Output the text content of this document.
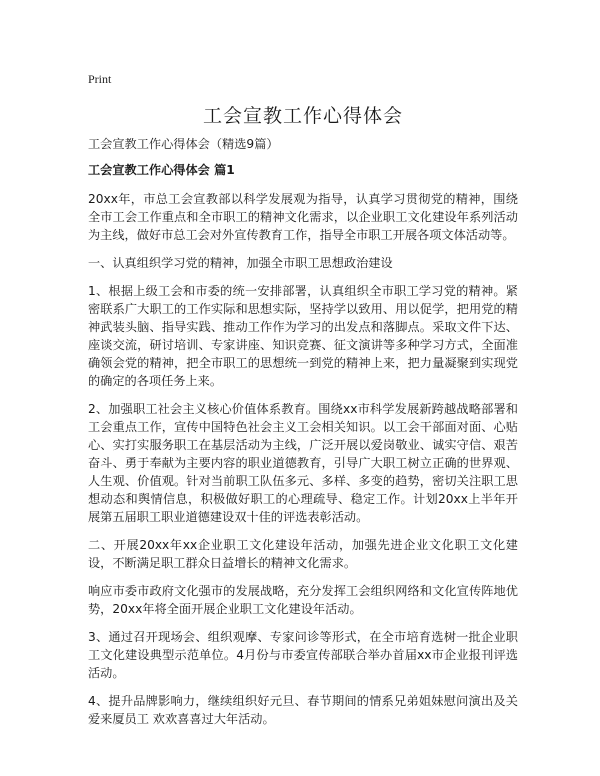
Print
工会宣教工作心得体会

工会宣教工作心得体会（精选9篇）

工会宣教工作心得体会 篇1

20xx年，市总工会宣教部以科学发展观为指导，认真学习贯彻党的精神，围绕全市工会工作重点和全市职工的精神文化需求，以企业职工文化建设年系列活动为主线，做好市总工会对外宣传教育工作，指导全市职工开展各项文体活动等。

一、认真组织学习党的精神，加强全市职工思想政治建设

1、根据上级工会和市委的统一安排部署，认真组织全市职工学习党的精神。紧密联系广大职工的工作实际和思想实际，坚持学以致用、用以促学，把用党的精神武装头脑、指导实践、推动工作作为学习的出发点和落脚点。采取文件下达、座谈交流，研讨培训、专家讲座、知识竞赛、征文演讲等多种学习方式，全面准确领会党的精神，把全市职工的思想统一到党的精神上来，把力量凝聚到实现党的确定的各项任务上来。

2、加强职工社会主义核心价值体系教育。围绕xx市科学发展新跨越战略部署和工会重点工作，宣传中国特色社会主义工会相关知识。以工会干部面对面、心贴心、实打实服务职工在基层活动为主线，广泛开展以爱岗敬业、诚实守信、艰苦奋斗、勇于奉献为主要内容的职业道德教育，引导广大职工树立正确的世界观、人生观、价值观。针对当前职工队伍多元、多样、多变的趋势，密切关注职工思想动态和舆情信息，积极做好职工的心理疏导、稳定工作。计划20xx上半年开展第五届职工职业道德建设双十佳的评选表彰活动。

二、开展20xx年xx企业职工文化建设年活动，加强先进企业文化职工文化建设，不断满足职工群众日益增长的精神文化需求。

响应市委市政府文化强市的发展战略，充分发挥工会组织网络和文化宣传阵地优势，20xx年将全面开展企业职工文化建设年活动。

3、通过召开现场会、组织观摩、专家问诊等形式，在全市培育选树一批企业职工文化建设典型示范单位。4月份与市委宣传部联合举办首届xx市企业报刊评选活动。

4、提升品牌影响力，继续组织好元旦、春节期间的情系兄弟姐妹慰问演出及关爱来厦员工 欢欢喜喜过大年活动。
